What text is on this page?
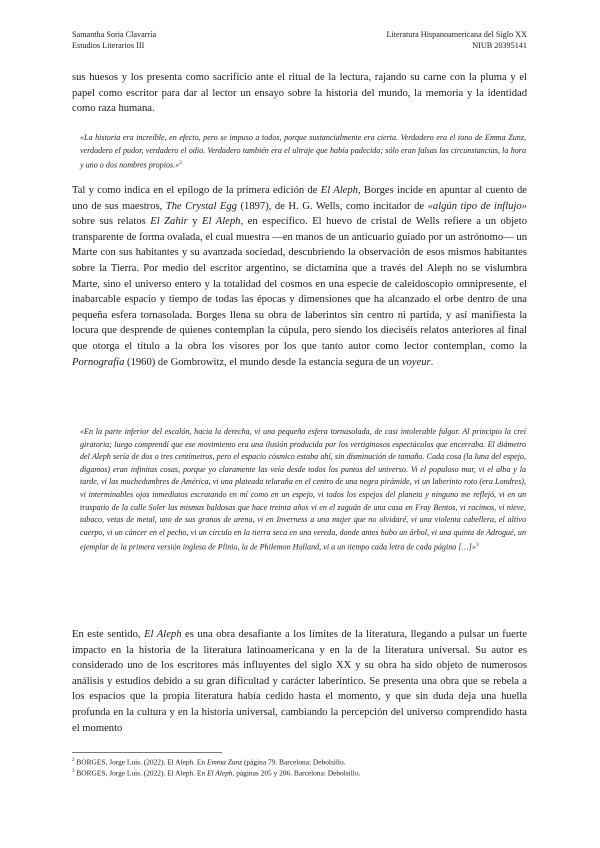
Samantha Soria Clavarría
Estudios Literarios III
Literatura Hispanoamericana del Siglo XX
NIUB 20395141

sus huesos y los presenta como sacrificio ante el ritual de la lectura, rajando su carne con la pluma y el papel como escritor para dar al lector un ensayo sobre la historia del mundo, la memoria y la identidad como raza humana.

«La historia era increíble, en efecto, pero se impuso a todos, porque sustancialmente era cierta. Verdadero era el tono de Emma Zunz, verdadero el pudor, verdadero el odio. Verdadero también era el ultraje que había padecido; sólo eran falsas las circunstancias, la hora y uno o dos nombres propios.»$^2$

Tal y como indica en el epílogo de la primera edición de El Aleph, Borges incide en apuntar al cuento de uno de sus maestros, The Crystal Egg (1897), de H. G. Wells, como incitador de «algún tipo de influjo» sobre sus relatos El Zahir y El Aleph, en específico. El huevo de cristal de Wells refiere a un objeto transparente de forma ovalada, el cual muestra —en manos de un anticuario guiado por un astrónomo— un Marte con sus habitantes y su avanzada sociedad, descubriendo la observación de esos mismos habitantes sobre la Tierra. Por medio del escritor argentino, se dictamina que a través del Aleph no se vislumbra Marte, sino el universo entero y la totalidad del cosmos en una especie de caleidoscopio omnipresente, el inabarcable espacio y tiempo de todas las épocas y dimensiones que ha alcanzado el orbe dentro de una pequeña esfera tornasolada. Borges llena su obra de laberintos sin centro ni partida, y así manifiesta la locura que desprende de quienes contemplan la cúpula, pero siendo los dieciséis relatos anteriores al final que otorga el título a la obra los visores por los que tanto autor como lector contemplan, como la Pornografía (1960) de Gombrowitz, el mundo desde la estancia segura de un voyeur.

«En la parte inferior del escalón, hacia la derecha, vi una pequeña esfera tornasolada, de casi intolerable fulgor. Al principio la creí giratoria; luego comprendí que ese movimiento era una ilusión producida por los vertiginosos espectáculos que encerraba. El diámetro del Aleph sería de dos o tres centímetros, pero el espacio cósmico estaba ahí, sin disminución de tamaño. Cada cosa (la luna del espejo, digamos) eran infinitas cosas, porque yo claramente las veía desde todos los puntos del universo. Vi el populoso mar, vi el alba y la tarde, vi las muchedumbres de América, vi una plateada telaraña en el centro de una negra pirámide, vi un laberinto roto (era Londres), vi interminables ojos inmediatos escrutando en mí como en un espejo, vi todos los espejos del planeta y ninguno me reflejó, vi en un traspatio de la calle Soler las mismas baldosas que hace treinta años vi en el zaguán de una casa en Fray Bentos, vi racimos, vi nieve, tabaco, vetas de metal, uno de sus granos de arena, vi en Inverness a una mujer que no olvidaré, vi una violenta cabellera, el altivo cuerpo, vi un cáncer en el pecho, vi un círculo en la tierra seca en una vereda, donde antes hubo un árbol, vi una quinta de Adrogué, un ejemplar de la primera versión inglesa de Plinio, la de Philemon Holland, vi a un tiempo cada letra de cada página […]»$^3$

En este sentido, El Aleph es una obra desafiante a los límites de la literatura, llegando a pulsar un fuerte impacto en la historia de la literatura latinoamericana y en la de la literatura universal. Su autor es considerado uno de los escritores más influyentes del siglo XX y su obra ha sido objeto de numerosos análisis y estudios debido a su gran dificultad y carácter laberíntico. Se presenta una obra que se rebela a los espacios que la propia literatura había cedido hasta el momento, y que sin duda deja una huella profunda en la cultura y en la historia universal, cambiando la percepción del universo comprendido hasta el momento

$^2$ BORGES, Jorge Luis. (2022). El Aleph. En Emma Zunz (página 79. Barcelona: Debolsillo.
$^3$ BORGES, Jorge Luis. (2022). El Aleph. En El Aleph, páginas 205 y 206. Barcelona: Debolsillo.
